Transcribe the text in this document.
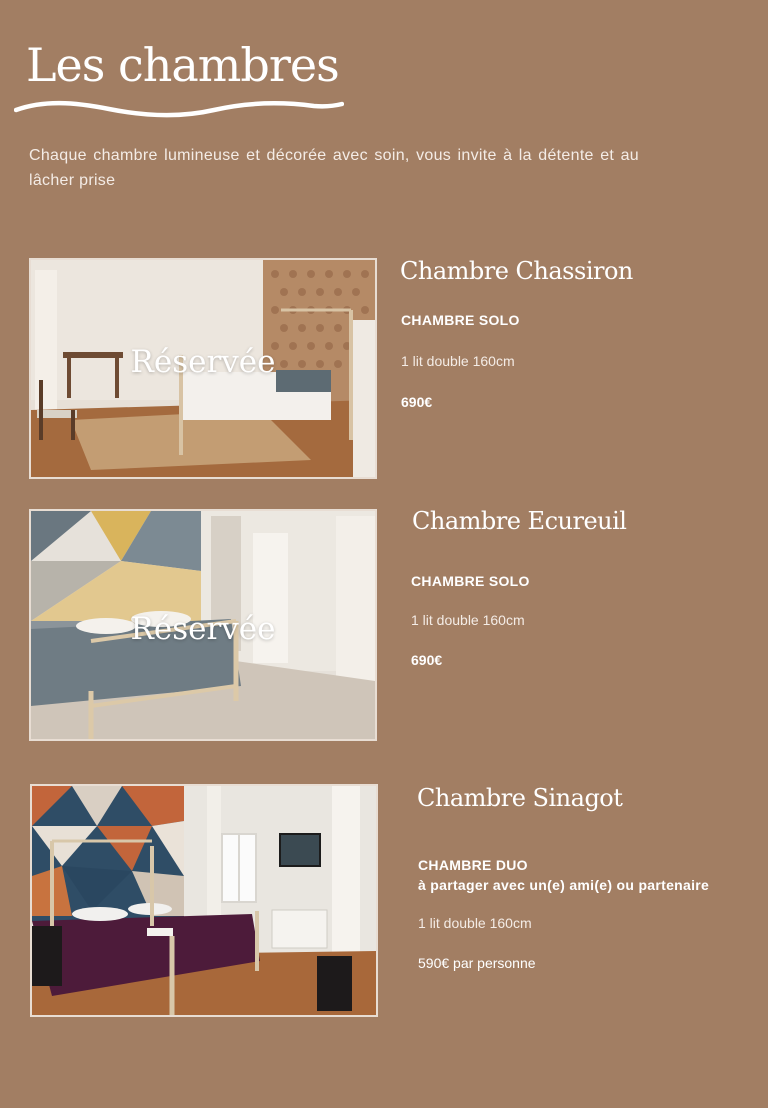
Les chambres

Chaque chambre lumineuse et décorée avec soin, vous invite à la détente et au lâcher prise

Réservée
Chambre Chassiron
CHAMBRE SOLO
1 lit double 160cm
690€
Réservée
Chambre Ecureuil
CHAMBRE SOLO
1 lit double 160cm
690€
Chambre Sinagot
CHAMBRE DUO
à partager avec un(e) ami(e) ou partenaire
1 lit double 160cm
590€ par personne
